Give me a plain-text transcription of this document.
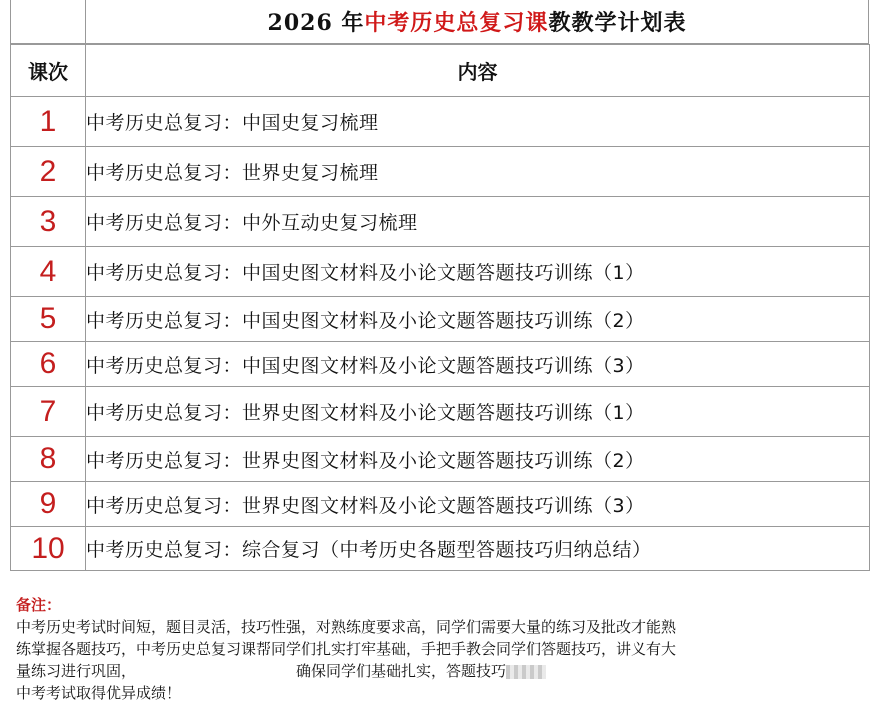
2026 年中考历史总复习课教教学计划表
课次	内容
1	中考历史总复习：中国史复习梳理
2	中考历史总复习：世界史复习梳理
3	中考历史总复习：中外互动史复习梳理
4	中考历史总复习：中国史图文材料及小论文题答题技巧训练（1）
5	中考历史总复习：中国史图文材料及小论文题答题技巧训练（2）
6	中考历史总复习：中国史图文材料及小论文题答题技巧训练（3）
7	中考历史总复习：世界史图文材料及小论文题答题技巧训练（1）
8	中考历史总复习：世界史图文材料及小论文题答题技巧训练（2）
9	中考历史总复习：世界史图文材料及小论文题答题技巧训练（3）
10	中考历史总复习：综合复习（中考历史各题型答题技巧归纳总结）
备注：
中考历史考试时间短，题目灵活，技巧性强，对熟练度要求高，同学们需要大量的练习及批改才能熟
练掌握各题技巧，中考历史总复习课帮同学们扎实打牢基础，手把手教会同学们答题技巧，讲义有大
量练习进行巩固，	确保同学们基础扎实，答题技巧
中考考试取得优异成绩！
